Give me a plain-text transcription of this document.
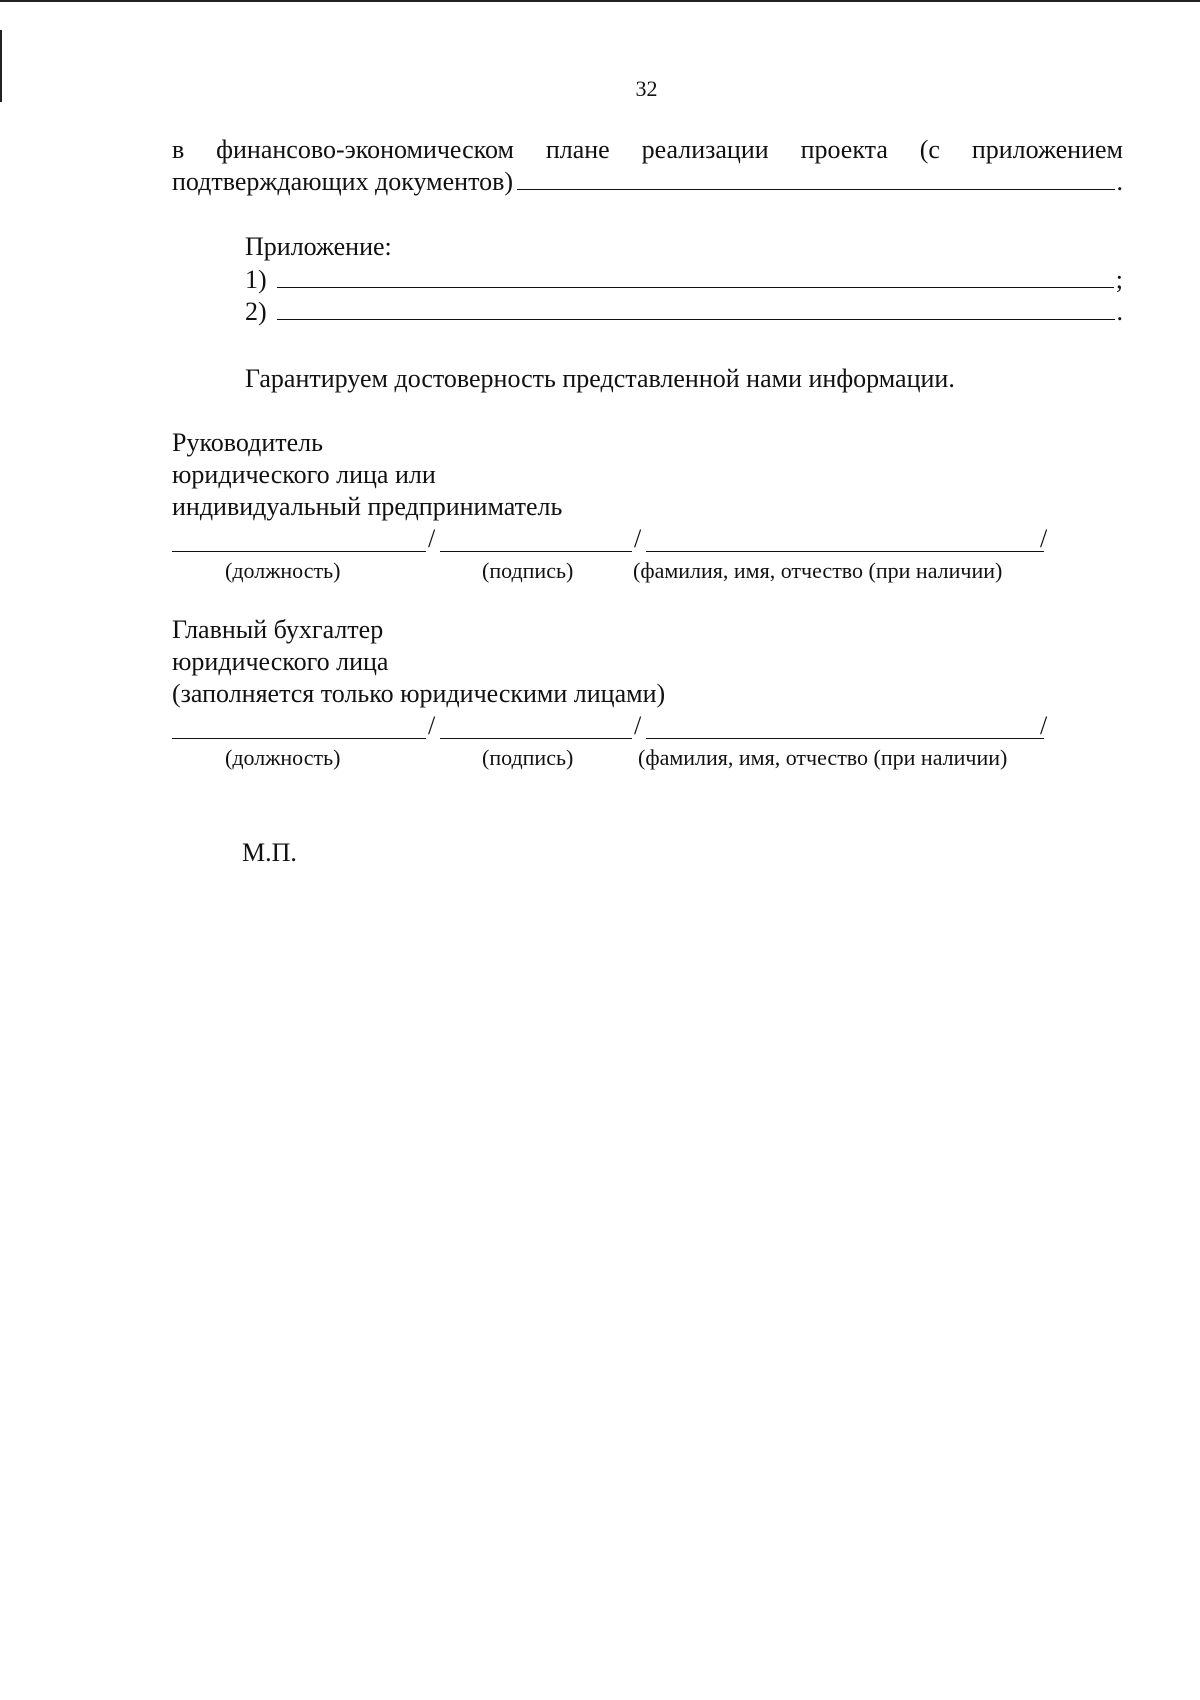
32
в финансово-экономическом плане реализации проекта (с приложением
подтверждающих документов)	.
Приложение:
1)	;
2)	.
Гарантируем достоверность представленной нами информации.
Руководитель
юридического лица или
индивидуальный предприниматель
/	/	/
(должность)	(подпись)	(фамилия, имя, отчество (при наличии)
Главный бухгалтер
юридического лица
(заполняется только юридическими лицами)
/	/	/
(должность)	(подпись)	(фамилия, имя, отчество (при наличии)
М.П.
